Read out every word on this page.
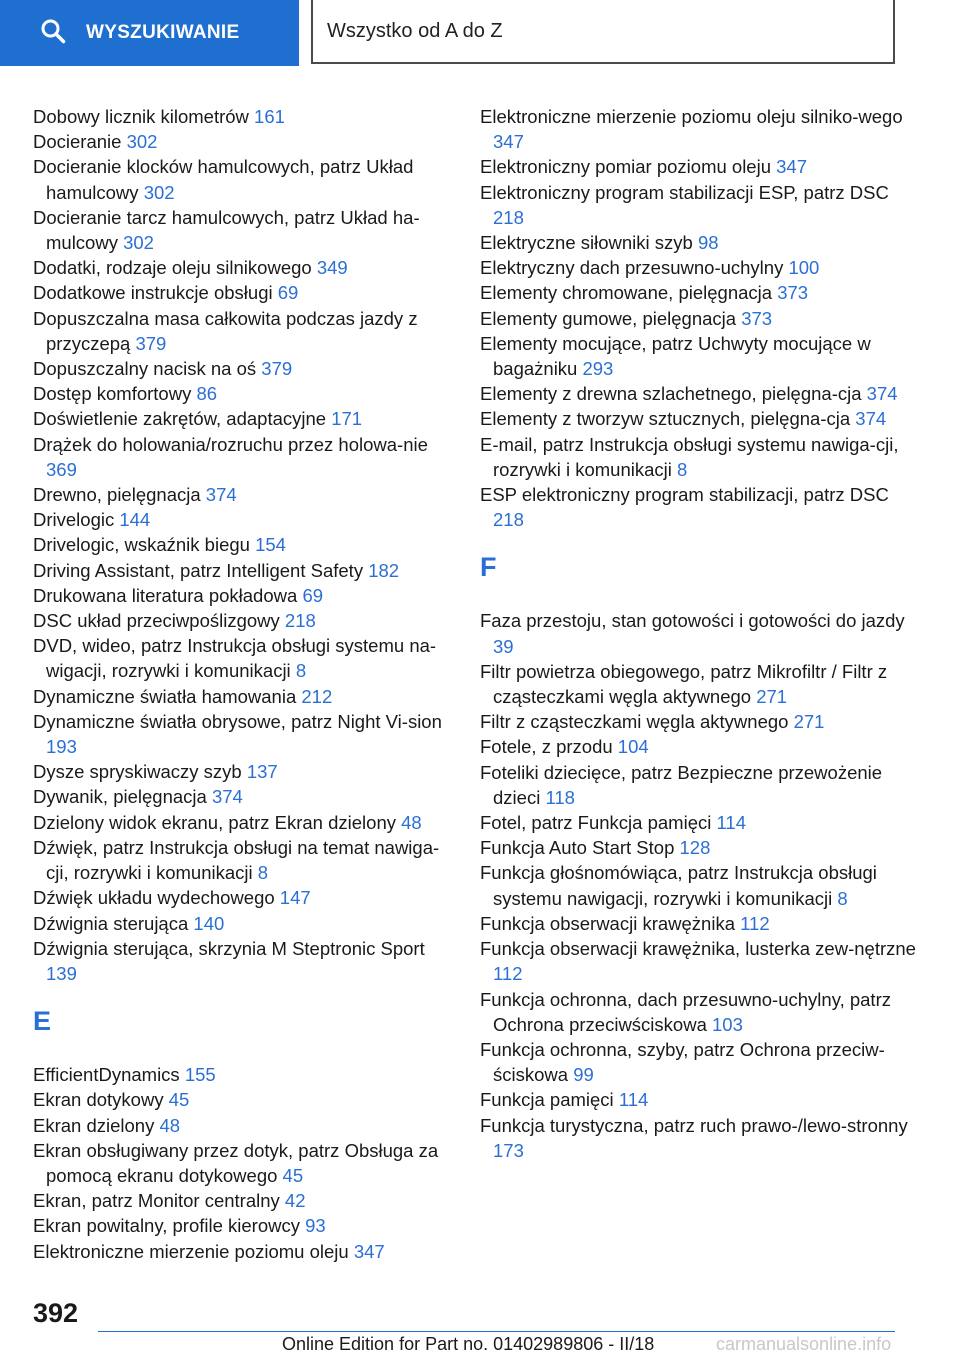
WYSZUKIWANIE	Wszystko od A do Z
Dobowy licznik kilometrów 161
Docieranie 302
Docieranie klocków hamulcowych, patrz Układ hamulcowy 302
Docieranie tarcz hamulcowych, patrz Układ ha‐mulcowy 302
Dodatki, rodzaje oleju silnikowego 349
Dodatkowe instrukcje obsługi 69
Dopuszczalna masa całkowita podczas jazdy z przyczepą 379
Dopuszczalny nacisk na oś 379
Dostęp komfortowy 86
Doświetlenie zakrętów, adaptacyjne 171
Drążek do holowania/rozruchu przez holowa‐nie 369
Drewno, pielęgnacja 374
Drivelogic 144
Drivelogic, wskaźnik biegu 154
Driving Assistant, patrz Intelligent Safety 182
Drukowana literatura pokładowa 69
DSC układ przeciwpoślizgowy 218
DVD, wideo, patrz Instrukcja obsługi systemu na‐wigacji, rozrywki i komunikacji 8
Dynamiczne światła hamowania 212
Dynamiczne światła obrysowe, patrz Night Vi‐sion 193
Dysze spryskiwaczy szyb 137
Dywanik, pielęgnacja 374
Dzielony widok ekranu, patrz Ekran dzielony 48
Dźwięk, patrz Instrukcja obsługi na temat nawiga‐cji, rozrywki i komunikacji 8
Dźwięk układu wydechowego 147
Dźwignia sterująca 140
Dźwignia sterująca, skrzynia M Steptronic Sport 139
E
EfficientDynamics 155
Ekran dotykowy 45
Ekran dzielony 48
Ekran obsługiwany przez dotyk, patrz Obsługa za pomocą ekranu dotykowego 45
Ekran, patrz Monitor centralny 42
Ekran powitalny, profile kierowcy 93
Elektroniczne mierzenie poziomu oleju 347
Elektroniczne mierzenie poziomu oleju silniko‐wego 347
Elektroniczny pomiar poziomu oleju 347
Elektroniczny program stabilizacji ESP, patrz DSC 218
Elektryczne siłowniki szyb 98
Elektryczny dach przesuwno-uchylny 100
Elementy chromowane, pielęgnacja 373
Elementy gumowe, pielęgnacja 373
Elementy mocujące, patrz Uchwyty mocujące w bagażniku 293
Elementy z drewna szlachetnego, pielęgna‐cja 374
Elementy z tworzyw sztucznych, pielęgna‐cja 374
E-mail, patrz Instrukcja obsługi systemu nawiga‐cji, rozrywki i komunikacji 8
ESP elektroniczny program stabilizacji, patrz DSC 218
F
Faza przestoju, stan gotowości i gotowości do jazdy 39
Filtr powietrza obiegowego, patrz Mikrofiltr / Filtr z cząsteczkami węgla aktywnego 271
Filtr z cząsteczkami węgla aktywnego 271
Fotele, z przodu 104
Foteliki dziecięce, patrz Bezpieczne przewożenie dzieci 118
Fotel, patrz Funkcja pamięci 114
Funkcja Auto Start Stop 128
Funkcja głośnomówiąca, patrz Instrukcja obsługi systemu nawigacji, rozrywki i komunikacji 8
Funkcja obserwacji krawężnika 112
Funkcja obserwacji krawężnika, lusterka zew‐nętrzne 112
Funkcja ochronna, dach przesuwno-uchylny, patrz Ochrona przeciwściskowa 103
Funkcja ochronna, szyby, patrz Ochrona przeciw‐ściskowa 99
Funkcja pamięci 114
Funkcja turystyczna, patrz ruch prawo-/lewo‐stronny 173
392
Online Edition for Part no. 01402989806 - II/18	carmanualsonline.info
